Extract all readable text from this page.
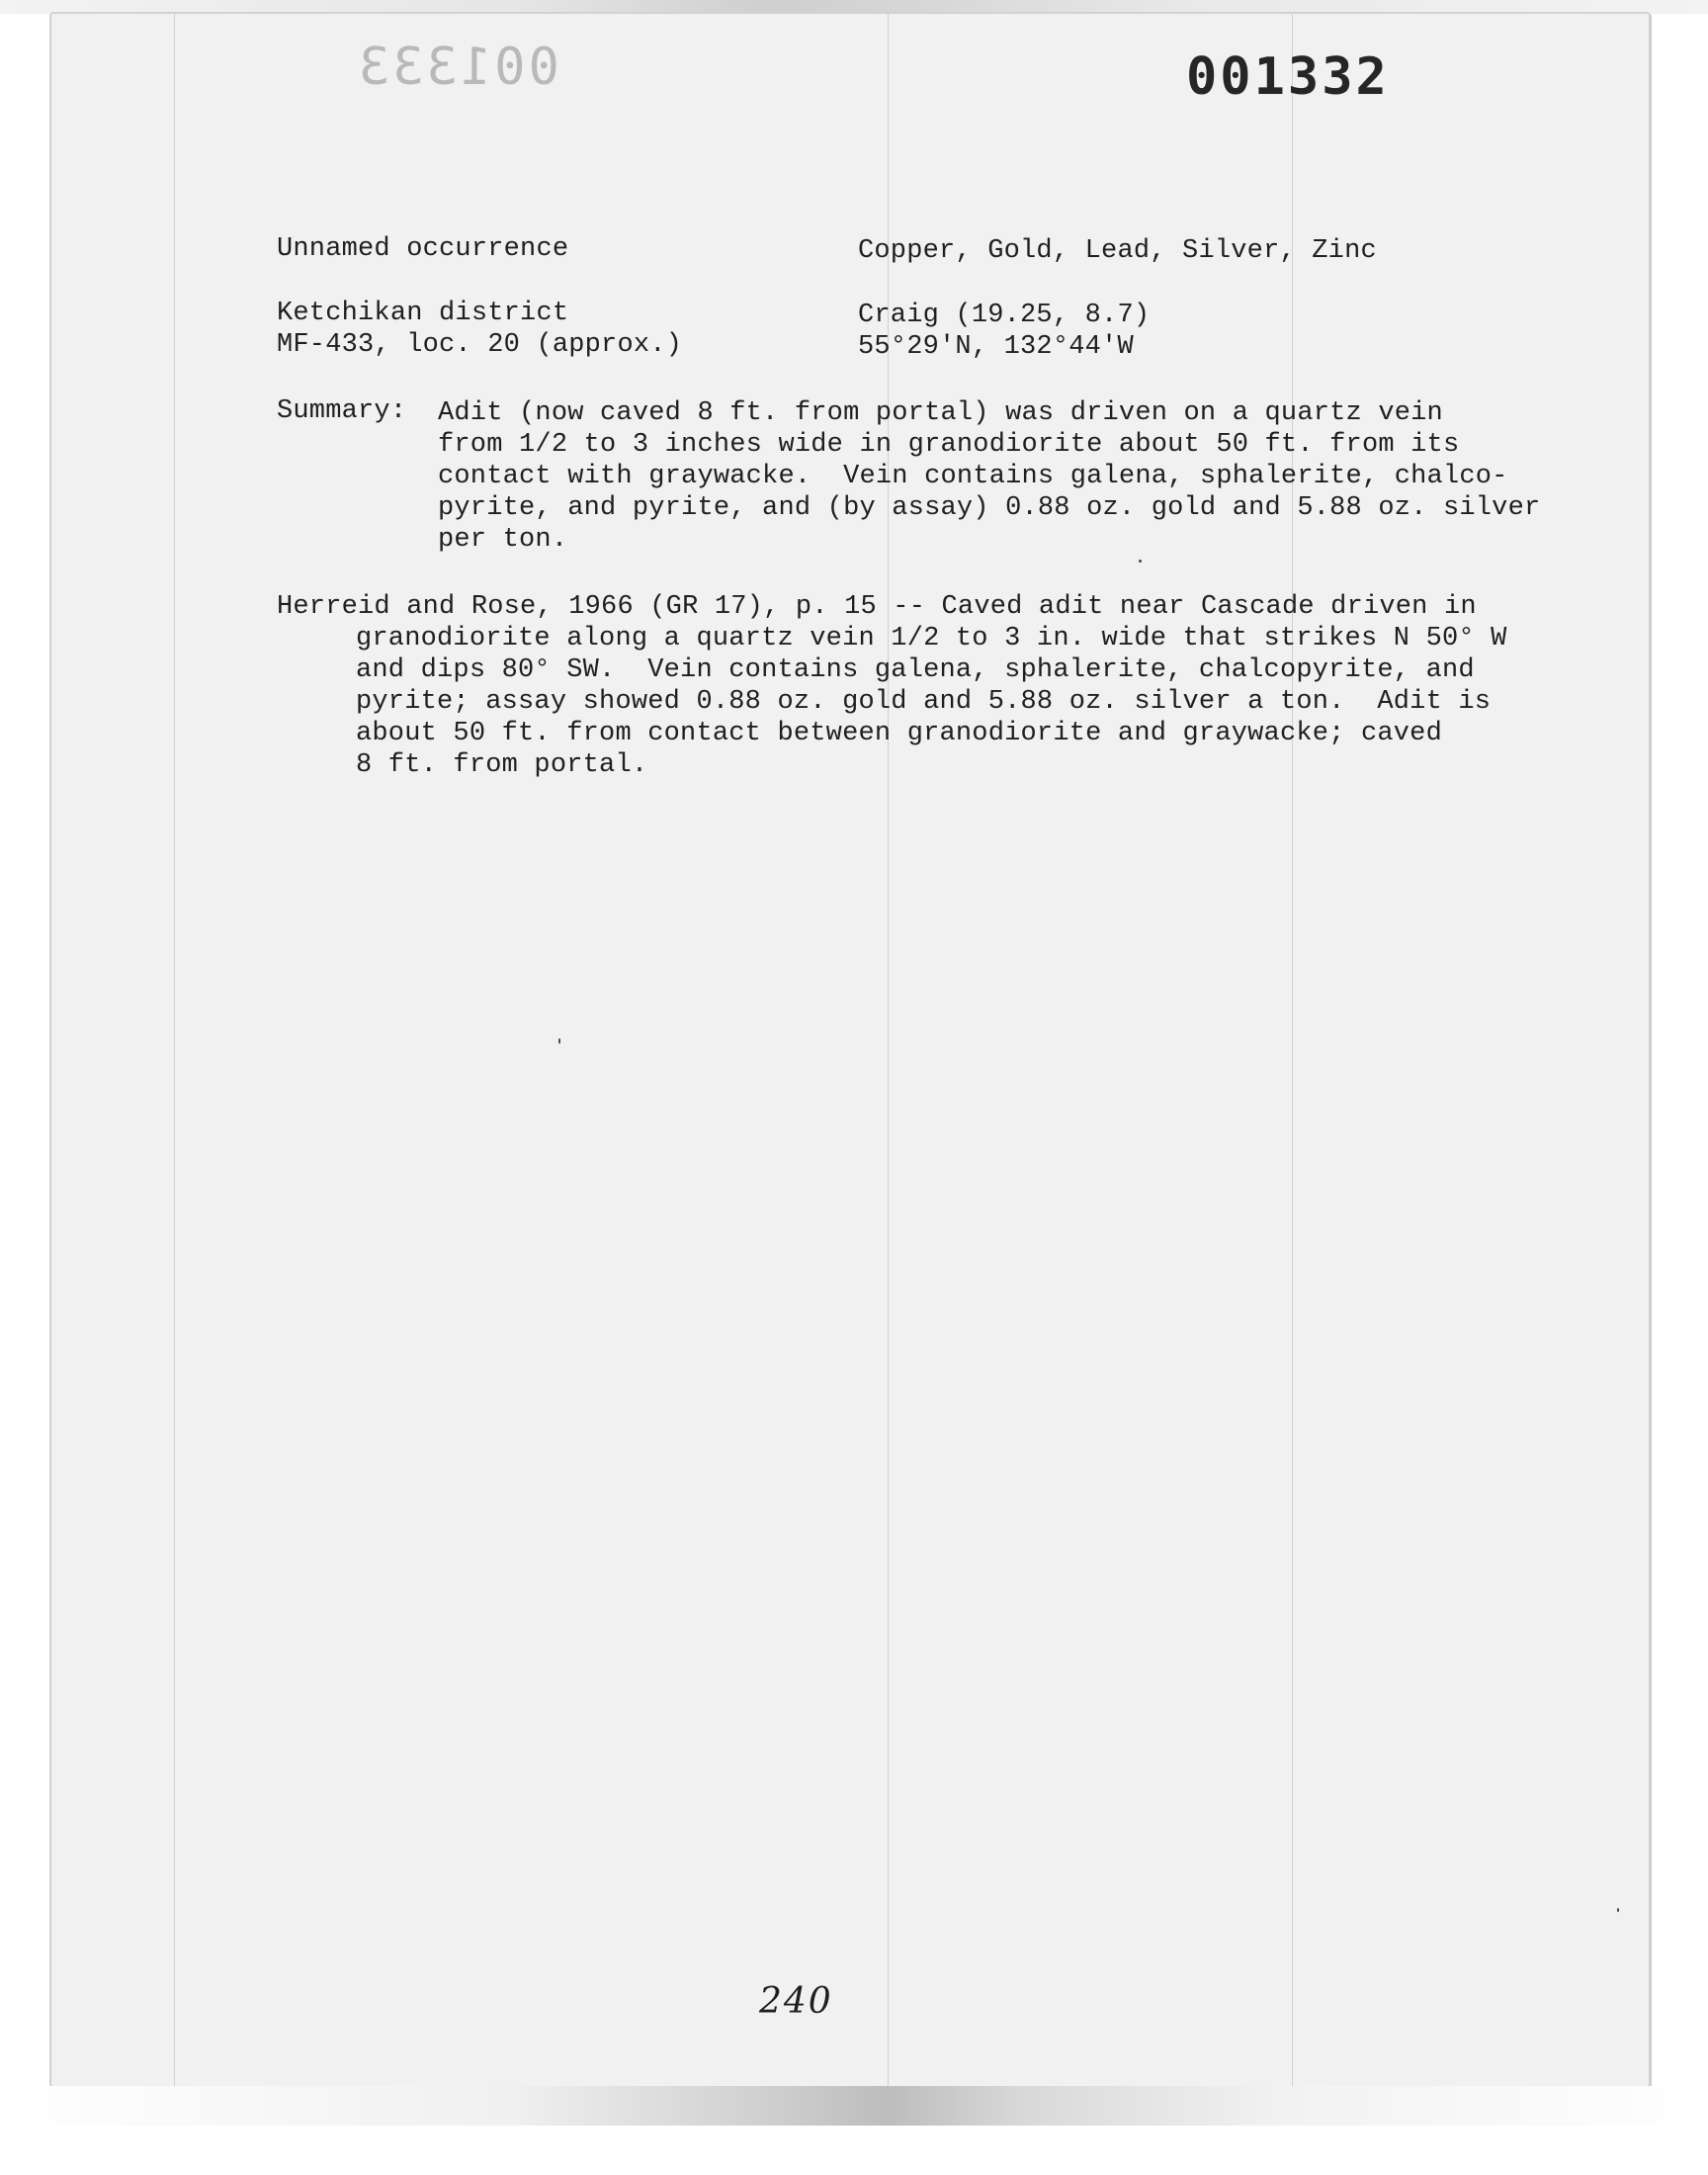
001333	001332
Unnamed occurrence	Copper, Gold, Lead, Silver, Zinc
Ketchikan district	Craig (19.25, 8.7)
MF-433, loc. 20 (approx.)	55°29'N, 132°44'W
Summary: Adit (now caved 8 ft. from portal) was driven on a quartz vein
from 1/2 to 3 inches wide in granodiorite about 50 ft. from its
contact with graywacke.  Vein contains galena, sphalerite, chalco-
pyrite, and pyrite, and (by assay) 0.88 oz. gold and 5.88 oz. silver
per ton.
Herreid and Rose, 1966 (GR 17), p. 15 -- Caved adit near Cascade driven in
granodiorite along a quartz vein 1/2 to 3 in. wide that strikes N 50° W
and dips 80° SW.  Vein contains galena, sphalerite, chalcopyrite, and
pyrite; assay showed 0.88 oz. gold and 5.88 oz. silver a ton.  Adit is
about 50 ft. from contact between granodiorite and graywacke; caved
8 ft. from portal.
240
